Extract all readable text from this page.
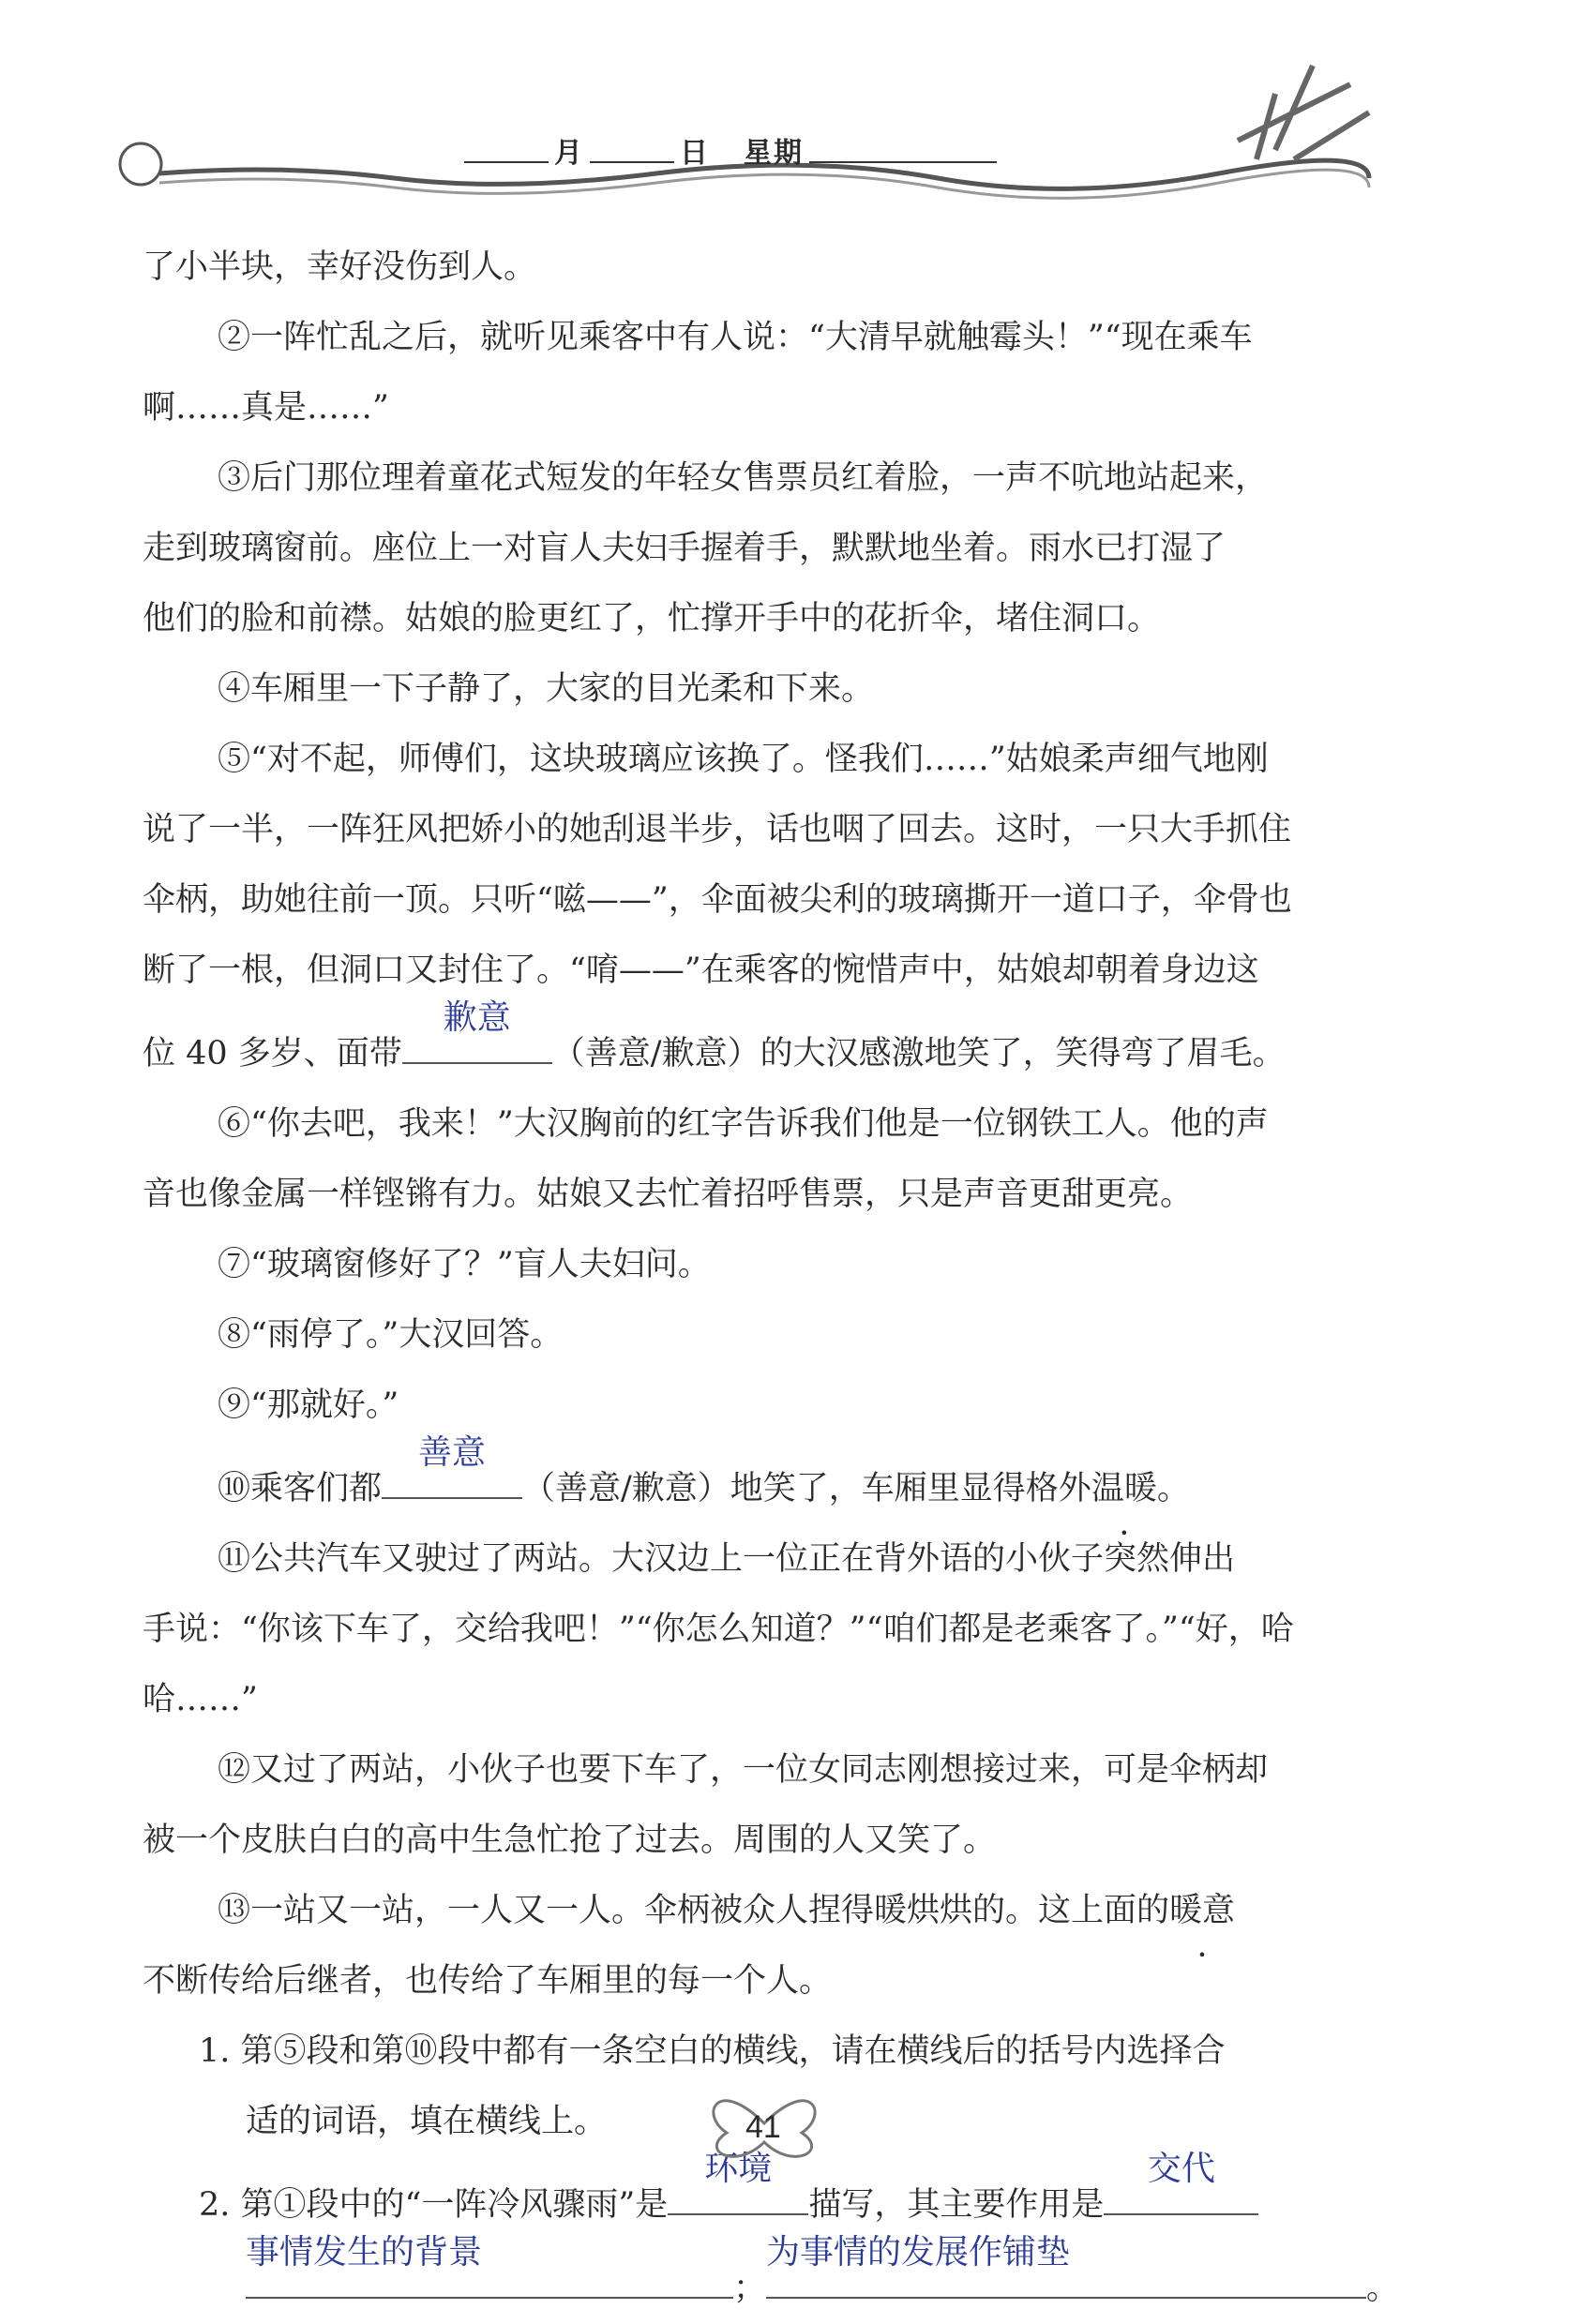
月	日 星期
了小半块，幸好没伤到人。
②一阵忙乱之后，就听见乘客中有人说：“大清早就触霉头！”“现在乘车
啊……真是……”
③后门那位理着童花式短发的年轻女售票员红着脸，一声不吭地站起来，
走到玻璃窗前。座位上一对盲人夫妇手握着手，默默地坐着。雨水已打湿了
他们的脸和前襟。姑娘的脸更红了，忙撑开手中的花折伞，堵住洞口。
④车厢里一下子静了，大家的目光柔和下来。
⑤“对不起，师傅们，这块玻璃应该换了。怪我们……”姑娘柔声细气地刚
说了一半，一阵狂风把娇小的她刮退半步，话也咽了回去。这时，一只大手抓住
伞柄，助她往前一顶。只听“嗞——”，伞面被尖利的玻璃撕开一道口子，伞骨也
断了一根，但洞口又封住了。“唷——”在乘客的惋惜声中，姑娘却朝着身边这
位 40 多岁、面带
歉意
（善意/歉意）的大汉感激地笑了，笑得弯了眉毛。
⑥“你去吧，我来！”大汉胸前的红字告诉我们他是一位钢铁工人。他的声
音也像金属一样铿锵有力。姑娘又去忙着招呼售票，只是声音更甜更亮。
⑦“玻璃窗修好了？”盲人夫妇问。
⑧“雨停了。”大汉回答。
⑨“那就好。”
⑩乘客们都
善意
（善意/歉意）地笑了，车厢里显得格外温暖。
⑪公共汽车又驶过了两站。大汉边上一位正在背外语的小伙子突然伸出
手说：“你该下车了，交给我吧！”“你怎么知道？”“咱们都是老乘客了。”“好，哈
哈……”
⑫又过了两站，小伙子也要下车了，一位女同志刚想接过来，可是伞柄却
被一个皮肤白白的高中生急忙抢了过去。周围的人又笑了。
⑬一站又一站，一人又一人。伞柄被众人捏得暖烘烘的。这上面的暖意
不断传给后继者，也传给了车厢里的每一个人。
1. 第⑤段和第⑩段中都有一条空白的横线，请在横线后的括号内选择合
适的词语，填在横线上。
2. 第①段中的“一阵冷风骤雨”是
环境
描写，其主要作用是
交代
事情发生的背景
；
为事情的发展作铺垫
。
41
